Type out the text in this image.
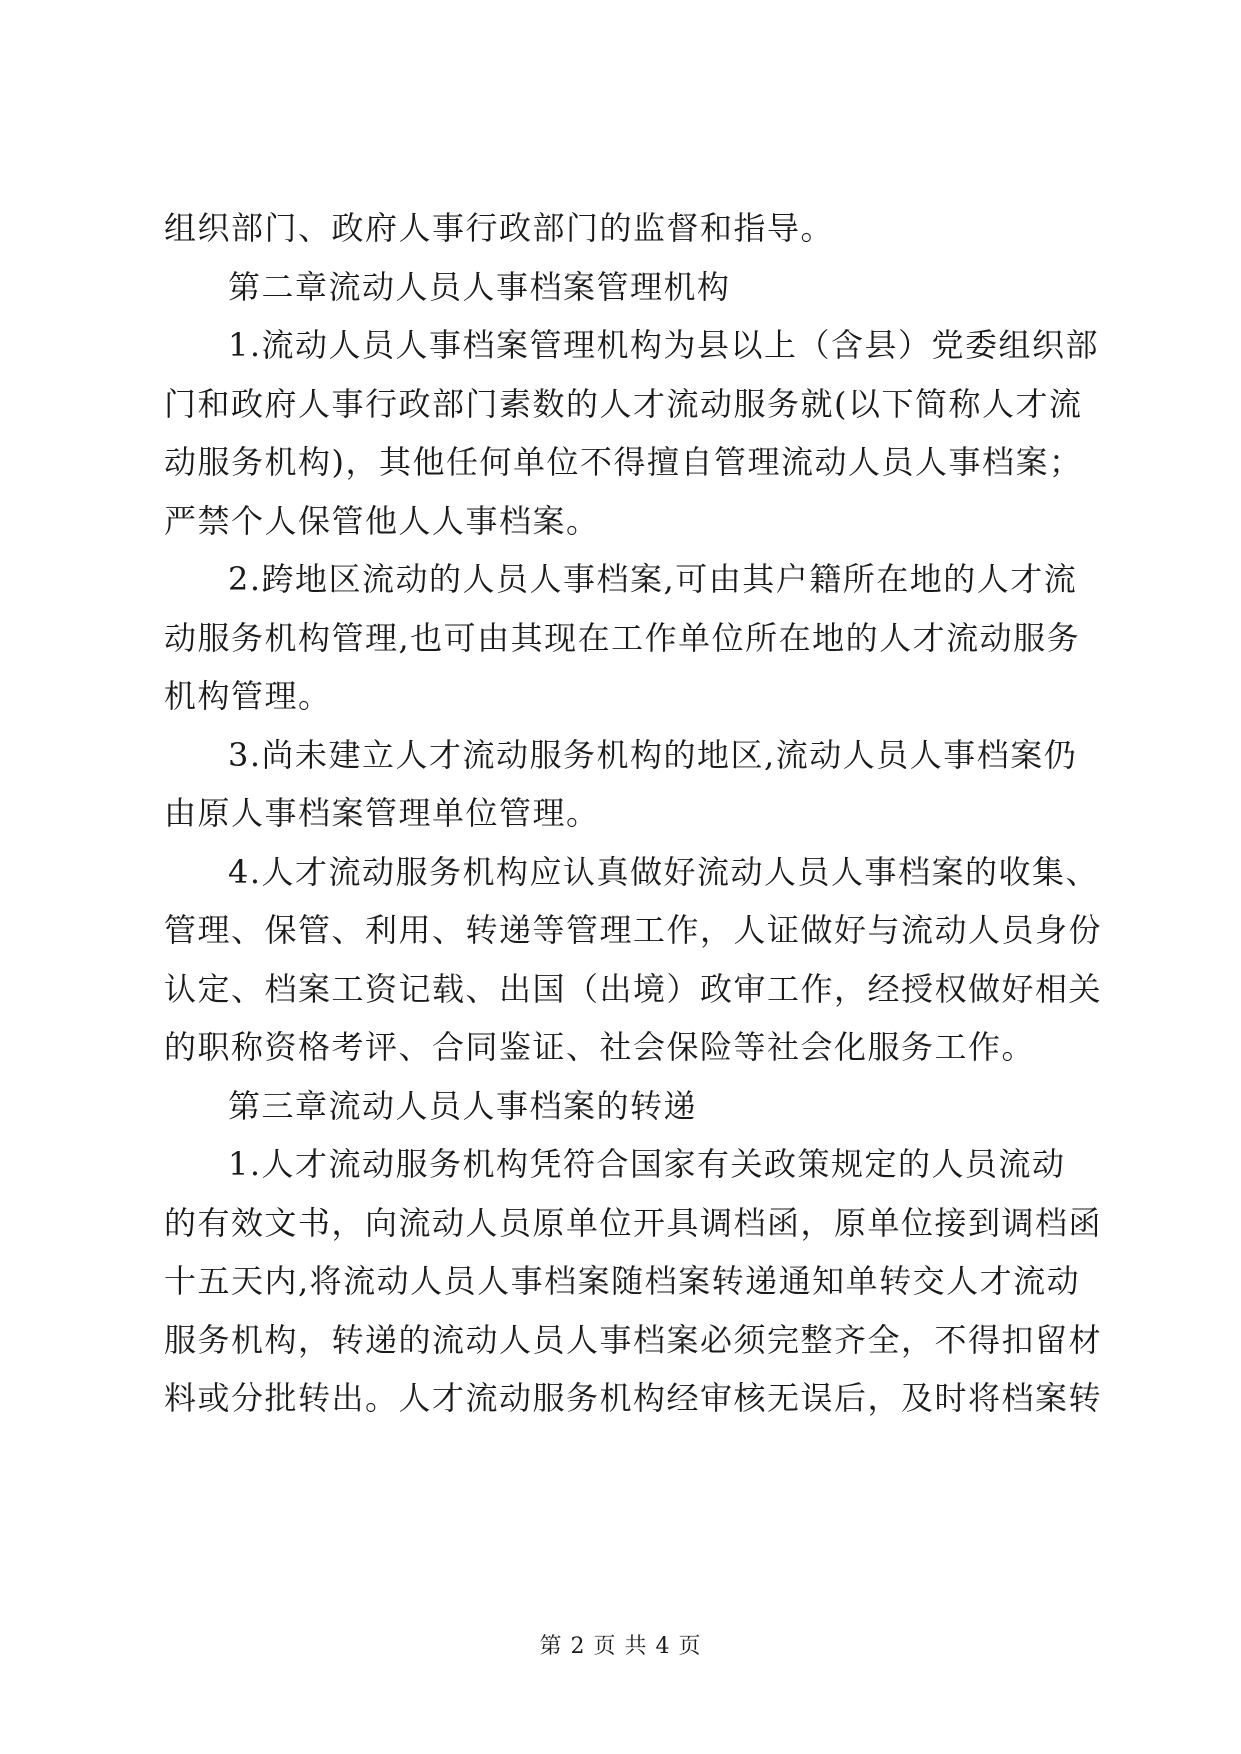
组织部门、政府人事行政部门的监督和指导。
第二章流动人员人事档案管理机构
1.流动人员人事档案管理机构为县以上（含县）党委组织部
门和政府人事行政部门素数的人才流动服务就(以下简称人才流
动服务机构)，其他任何单位不得擅自管理流动人员人事档案；
严禁个人保管他人人事档案。
2.跨地区流动的人员人事档案,可由其户籍所在地的人才流
动服务机构管理,也可由其现在工作单位所在地的人才流动服务
机构管理。
3.尚未建立人才流动服务机构的地区,流动人员人事档案仍
由原人事档案管理单位管理。
4.人才流动服务机构应认真做好流动人员人事档案的收集、
管理、保管、利用、转递等管理工作，人证做好与流动人员身份
认定、档案工资记载、出国（出境）政审工作，经授权做好相关
的职称资格考评、合同鉴证、社会保险等社会化服务工作。
第三章流动人员人事档案的转递
1.人才流动服务机构凭符合国家有关政策规定的人员流动
的有效文书，向流动人员原单位开具调档函，原单位接到调档函
十五天内,将流动人员人事档案随档案转递通知单转交人才流动
服务机构，转递的流动人员人事档案必须完整齐全，不得扣留材
料或分批转出。人才流动服务机构经审核无误后，及时将档案转
第 2 页 共 4 页
